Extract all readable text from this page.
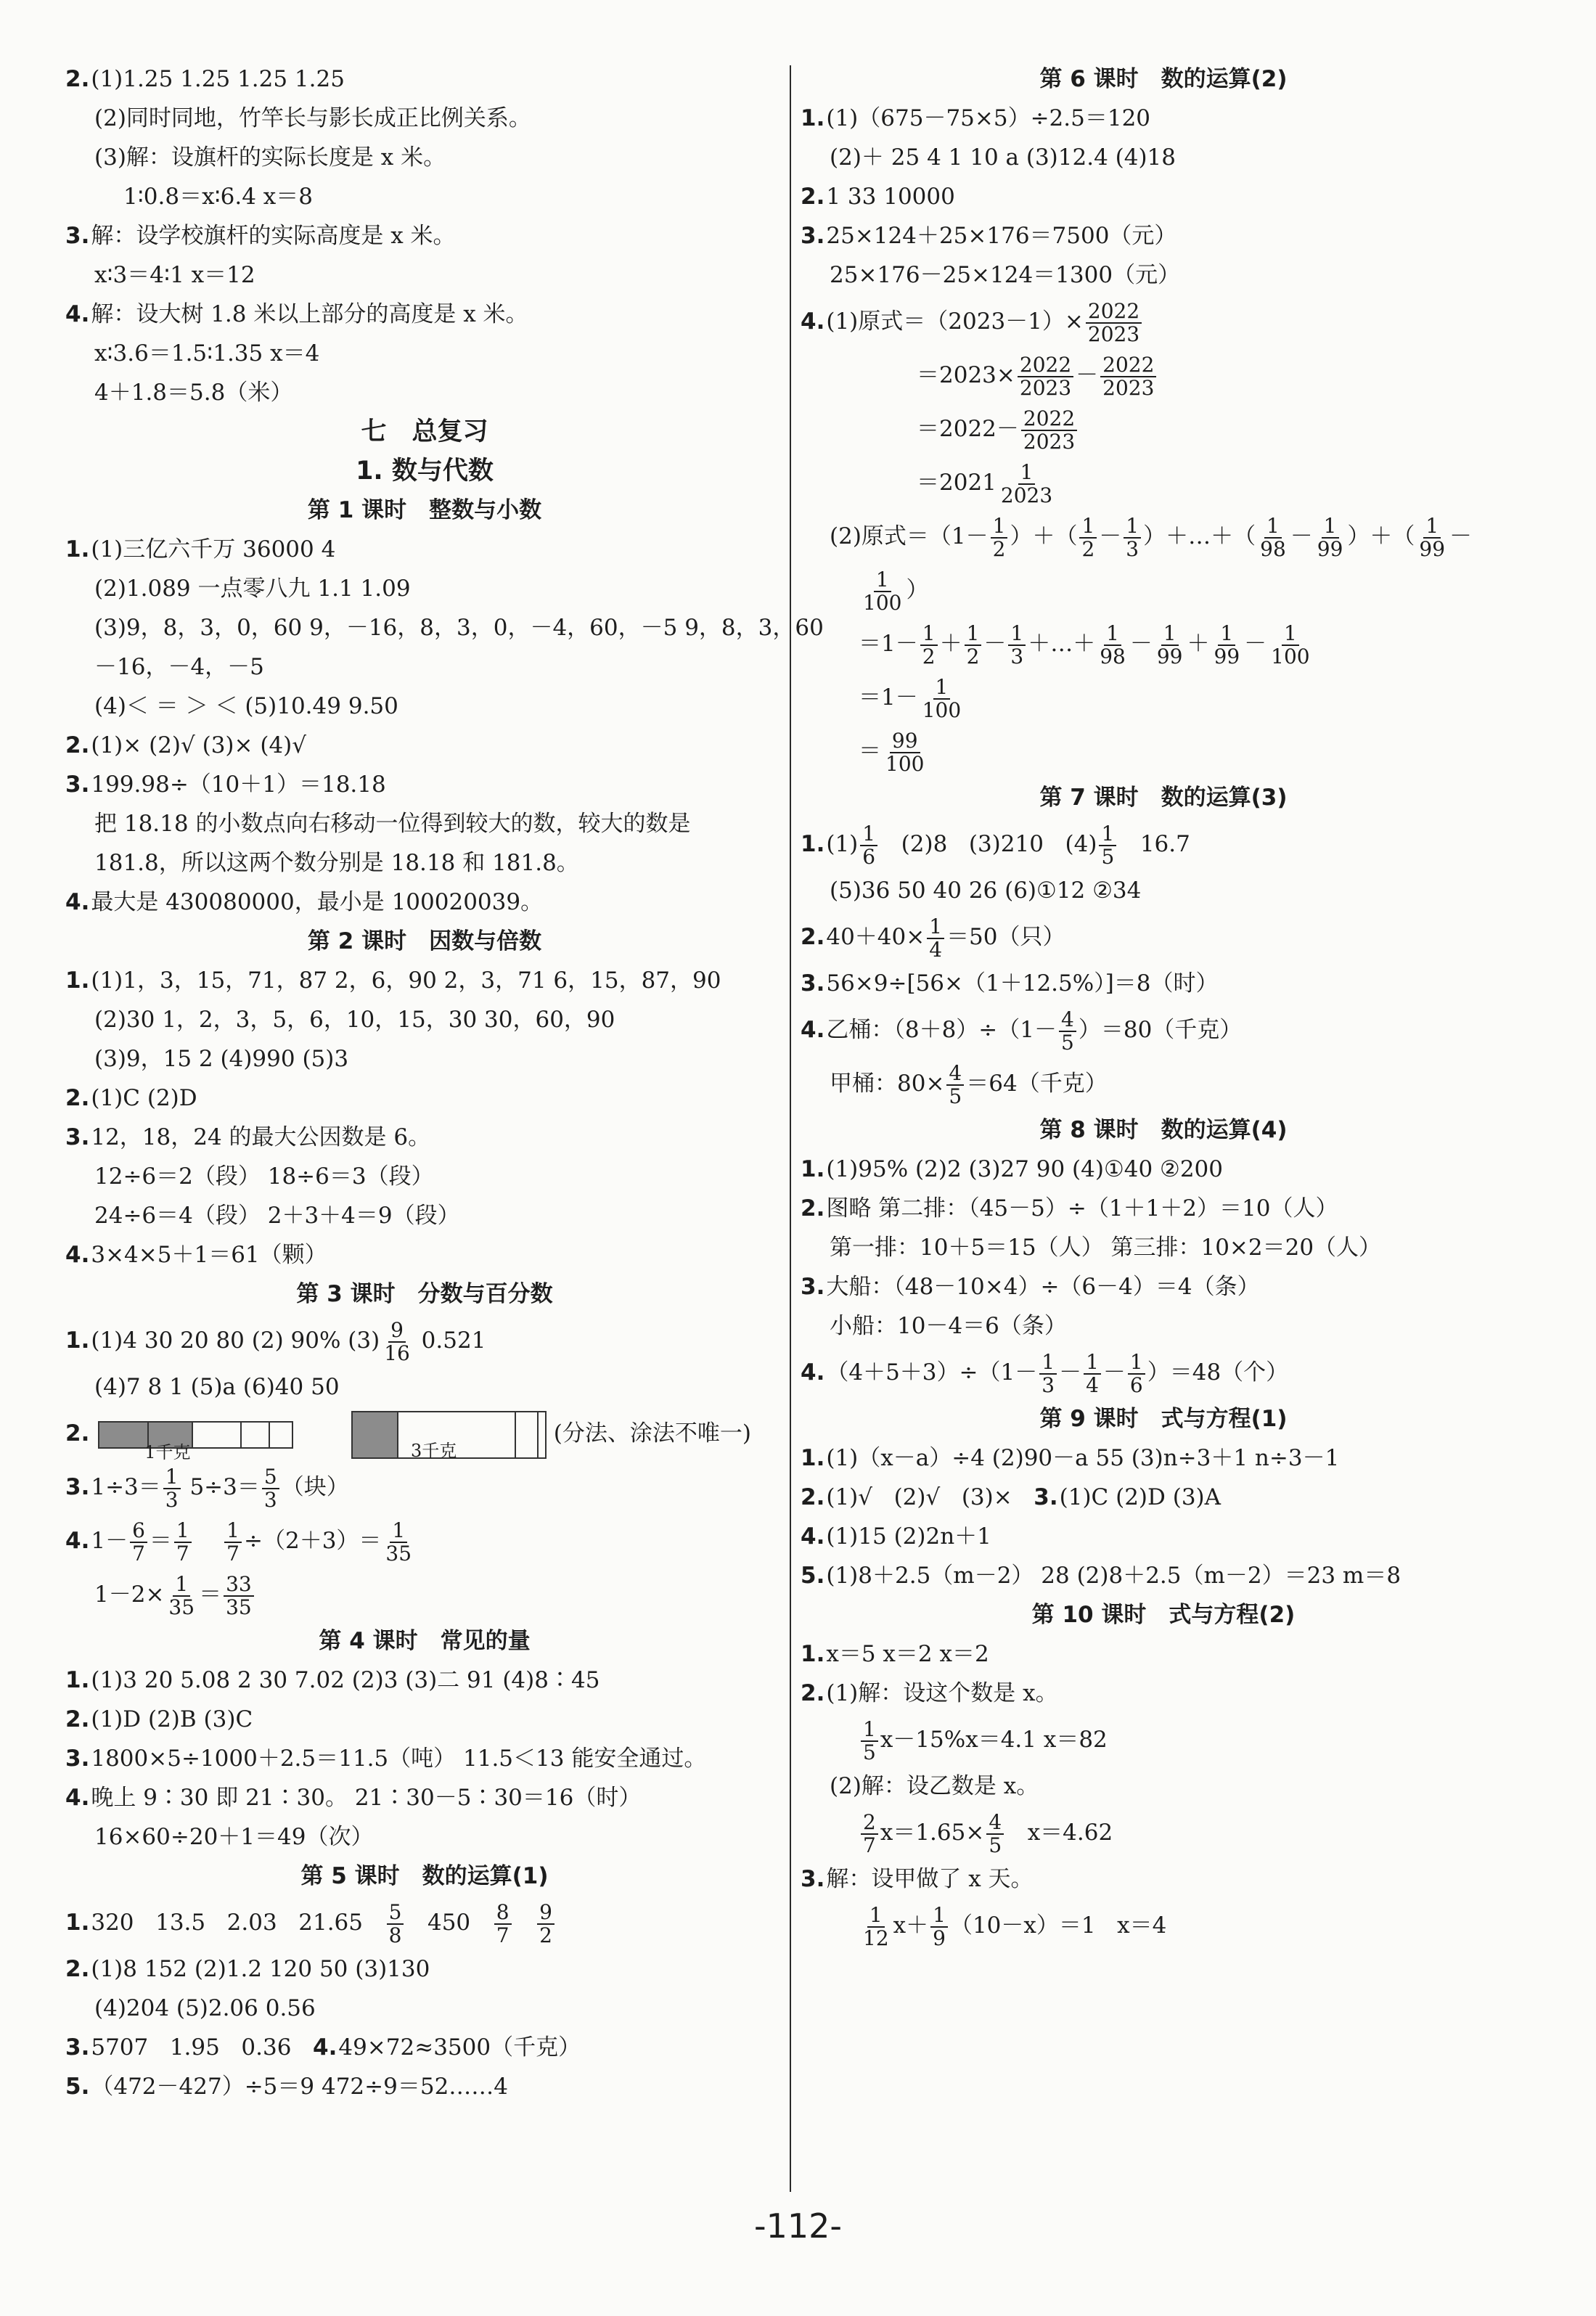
2.(1)1.25 1.25 1.25 1.25
(2)同时同地，竹竿长与影长成正比例关系。
(3)解：设旗杆的实际长度是 x 米。
1∶0.8＝x∶6.4 x＝8
3.解：设学校旗杆的实际高度是 x 米。
x∶3＝4∶1 x＝12
4.解：设大树 1.8 米以上部分的高度是 x 米。
x∶3.6＝1.5∶1.35 x＝4
4＋1.8＝5.8（米）
七　总复习
1. 数与代数
第 1 课时　整数与小数
1.(1)三亿六千万 36000 4
(2)1.089 一点零八九 1.1 1.09
(3)9，8，3，0，60 9，－16，8，3，0，－4，60，－5 9，8，3，60
－16，－4，－5
(4)＜ ＝ ＞ ＜ (5)10.49 9.50
2.(1)× (2)√ (3)× (4)√
3.199.98÷（10＋1）＝18.18
把 18.18 的小数点向右移动一位得到较大的数，较大的数是
181.8，所以这两个数分别是 18.18 和 181.8。
4.最大是 430080000，最小是 100020039。
第 2 课时　因数与倍数
1.(1)1，3，15，71，87 2，6，90 2，3，71 6，15，87，90
(2)30 1，2，3，5，6，10，15，30 30，60，90
(3)9，15 2 (4)990 (5)3
2.(1)C (2)D
3.12，18，24 的最大公因数是 6。
12÷6＝2（段） 18÷6＝3（段）
24÷6＝4（段） 2＋3＋4＝9（段）
4.3×4×5＋1＝61（颗）
第 3 课时　分数与百分数
1.(1)4 30 20 80 (2) 90% $(3) \frac{9}{16} 0.521$
(4)7 8 1 (5)a (6)40 50
2.
1千克
	3千克
(分法、涂法不唯一)
$3.1\div 3= \frac{1}{3} 5\div 3= \frac{5}{3}$ （块）
$4.1- \frac{6}{7} = \frac{1}{7}$
$\frac{1}{7} \div(2+3)= \frac{1}{35}$
$1-2\times \frac{1}{35} = \frac{33}{35}$
第 4 课时　常见的量
1.(1)3 20 5.08 2 30 7.02 (2)3 (3)二 91 (4)8∶45
2.(1)D (2)B (3)C
3.1800×5÷1000＋2.5＝11.5（吨） 11.5＜13 能安全通过。
4.晚上 9∶30 即 21∶30。 21∶30－5∶30＝16（时）
16×60÷20＋1＝49（次）
第 5 课时　数的运算(1)
1.320   13.5   2.03   $21.65 \frac{5}{8} 450 \frac{8}{7}$
$\frac{9}{2}$
2.(1)8 152 (2)1.2 120 50 (3)130
(4)204 (5)2.06 0.56
3.5707   1.95   0.36   4.49×72≈3500（千克）
5.（472－427）÷5＝9 472÷9＝52……4
第 6 课时　数的运算(2)
1.(1)（675－75×5）÷2.5＝120
(2)＋ 25 4 1 10 a (3)12.4 (4)18
2.1 33 10000
3.25×124＋25×176＝7500（元）
25×176－25×124＝1300（元）
4.(1)原式$=(2023-1)\times \frac{2022}{2023}$
$=2023\times \frac{2022}{2023} - \frac{2022}{2023}$
$=2022- \frac{2022}{2023}$
$=2021 \frac{1}{2023}$
(2)原式$=(1- \frac{1}{2}$ ）＋（ $\frac{1}{2} - \frac{1}{3}$ ）＋…＋（ $\frac{1}{98} - \frac{1}{99}$ ）＋（ $\frac{1}{99}$ －
$\frac{1}{100}$ ）
$=1- \frac{1}{2} + \frac{1}{2} - \frac{1}{3}$ ＋…＋ $\frac{1}{98} - \frac{1}{99} + \frac{1}{99} - \frac{1}{100}$
$=1- \frac{1}{100}$
＝ $\frac{99}{100}$
第 7 课时　数的运算(3)
$1.(1) \frac{1}{6} (2)8$   (3)210   $(4) \frac{1}{5} 16.7$
(5)36 50 40 26 (6)①12 ②34
$2.40+40\times \frac{1}{4} =50$（只）
3.56×9÷[56×（1＋12.5%）]＝8（时）
4.乙桶：$(8+8)\div(1- \frac{4}{5} )=80$（千克）
甲桶：$80\times \frac{4}{5} =64$（千克）
第 8 课时　数的运算(4)
1.(1)95% (2)2 (3)27 90 (4)①40 ②200
2.图略 第二排：（45－5）÷（1＋1＋2）＝10（人）
第一排：10＋5＝15（人） 第三排：10×2＝20（人）
3.大船：（48－10×4）÷（6－4）＝4（条）
小船：10－4＝6（条）
$4.(4+5+3)\div(1- \frac{1}{3} - \frac{1}{4} - \frac{1}{6} )=48$（个）
第 9 课时　式与方程(1)
1.(1)（x－a）÷4 (2)90－a 55 (3)n÷3＋1 n÷3－1
2.(1)√   (2)√   (3)×   3.(1)C (2)D (3)A
4.(1)15 (2)2n＋1
5.(1)8＋2.5（m－2） 28 (2)8＋2.5（m－2）＝23 m＝8
第 10 课时　式与方程(2)
1.x＝5 x＝2 x＝2
2.(1)解：设这个数是 x。
$\frac{1}{5} x-15\%x=4.1$ x＝82
(2)解：设乙数是 x。
$\frac{2}{7} x=1.65\times \frac{4}{5} x=4.62$
3.解：设甲做了 x 天。
$\frac{1}{12} x+ \frac{1}{9} (10-x)=1$   x＝4
-112-
